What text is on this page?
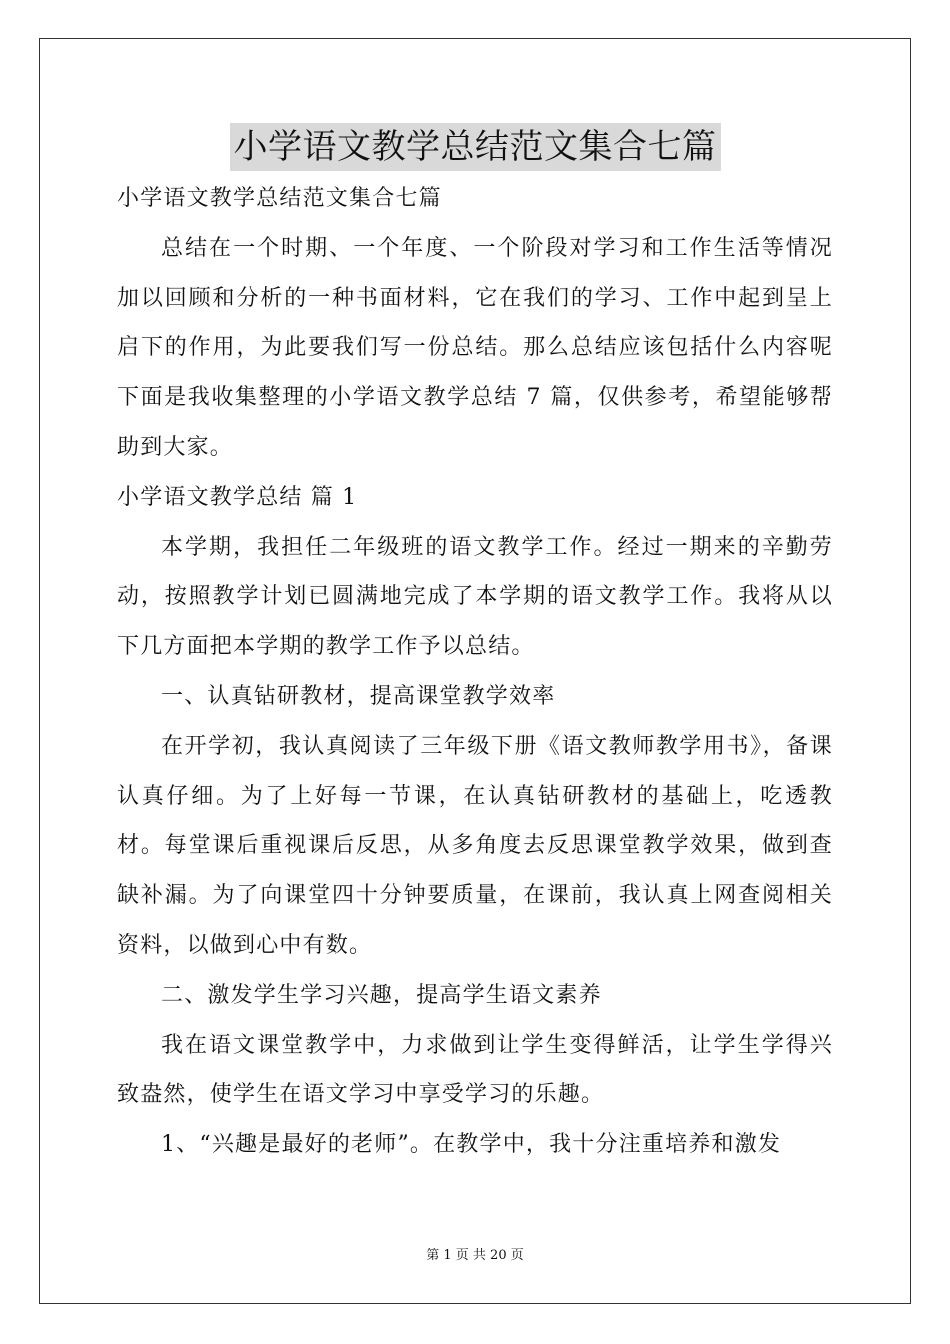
小学语文教学总结范文集合七篇

小学语文教学总结范文集合七篇

总结在一个时期、一个年度、一个阶段对学习和工作生活等情况加以回顾和分析的一种书面材料，它在我们的学习、工作中起到呈上启下的作用，为此要我们写一份总结。那么总结应该包括什么内容呢下面是我收集整理的小学语文教学总结 7 篇，仅供参考，希望能够帮助到大家。

小学语文教学总结 篇 1

本学期，我担任二年级班的语文教学工作。经过一期来的辛勤劳动，按照教学计划已圆满地完成了本学期的语文教学工作。我将从以下几方面把本学期的教学工作予以总结。

一、认真钻研教材，提高课堂教学效率

在开学初，我认真阅读了三年级下册《语文教师教学用书》，备课认真仔细。为了上好每一节课，在认真钻研教材的基础上，吃透教材。每堂课后重视课后反思，从多角度去反思课堂教学效果，做到查缺补漏。为了向课堂四十分钟要质量，在课前，我认真上网查阅相关资料，以做到心中有数。

二、激发学生学习兴趣，提高学生语文素养

我在语文课堂教学中，力求做到让学生变得鲜活，让学生学得兴致盎然，使学生在语文学习中享受学习的乐趣。

1、“兴趣是最好的老师”。在教学中，我十分注重培养和激发

第 1 页 共 20 页
